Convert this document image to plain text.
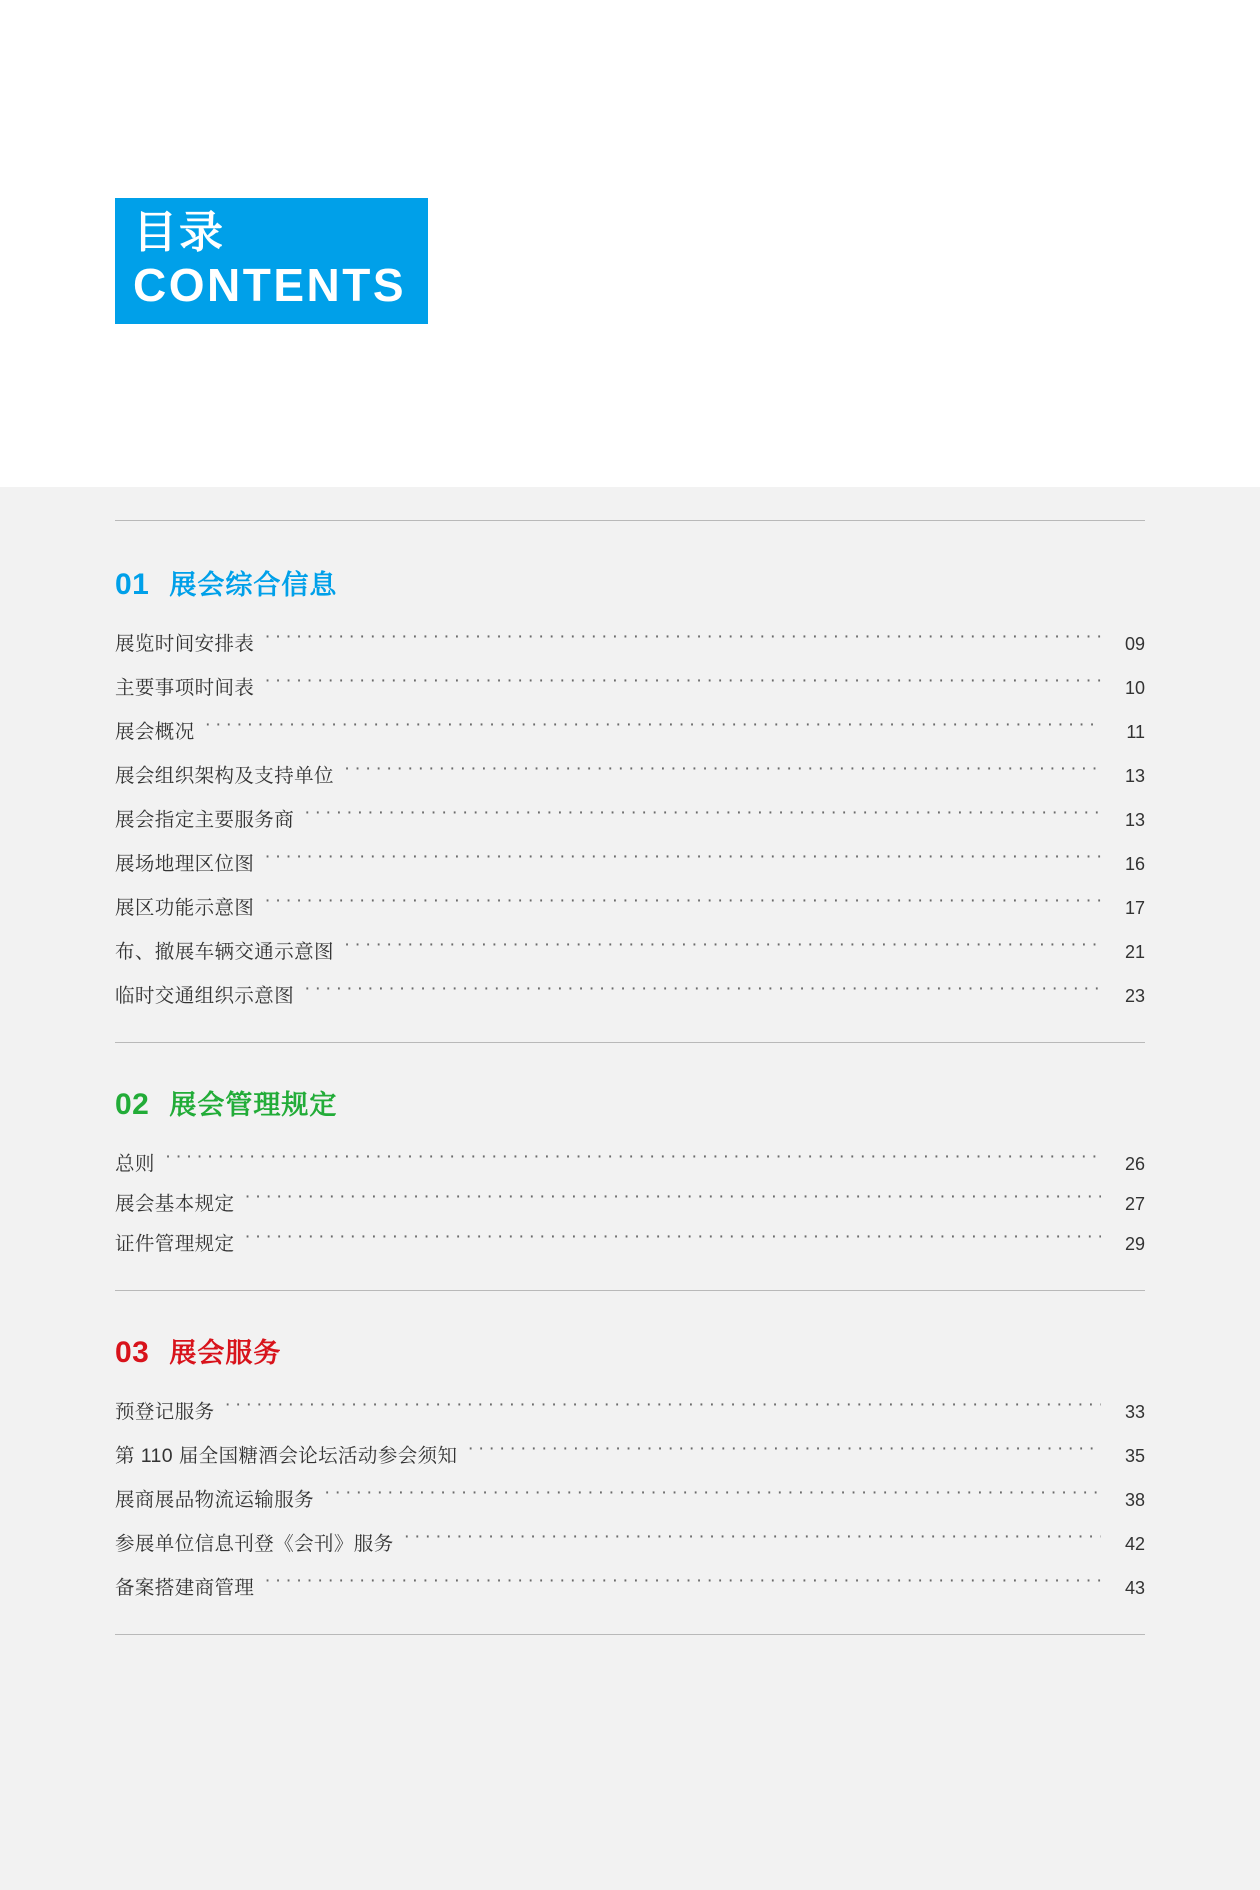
目录
CONTENTS
01 展会综合信息
展览时间安排表 ·····	09
主要事项时间表 ·····	10
展会概况 ·····	11
展会组织架构及支持单位 ·····	13
展会指定主要服务商 ·····	13
展场地理区位图 ·····	16
展区功能示意图 ·····	17
布、撤展车辆交通示意图 ·····	21
临时交通组织示意图 ·····	23
02 展会管理规定
总则 ·····	26
展会基本规定 ·····	27
证件管理规定 ·····	29
03 展会服务
预登记服务 ·····	33
第 110 届全国糖酒会论坛活动参会须知 ·····	35
展商展品物流运输服务 ·····	38
参展单位信息刊登《会刊》服务 ·····	42
备案搭建商管理 ·····	43
